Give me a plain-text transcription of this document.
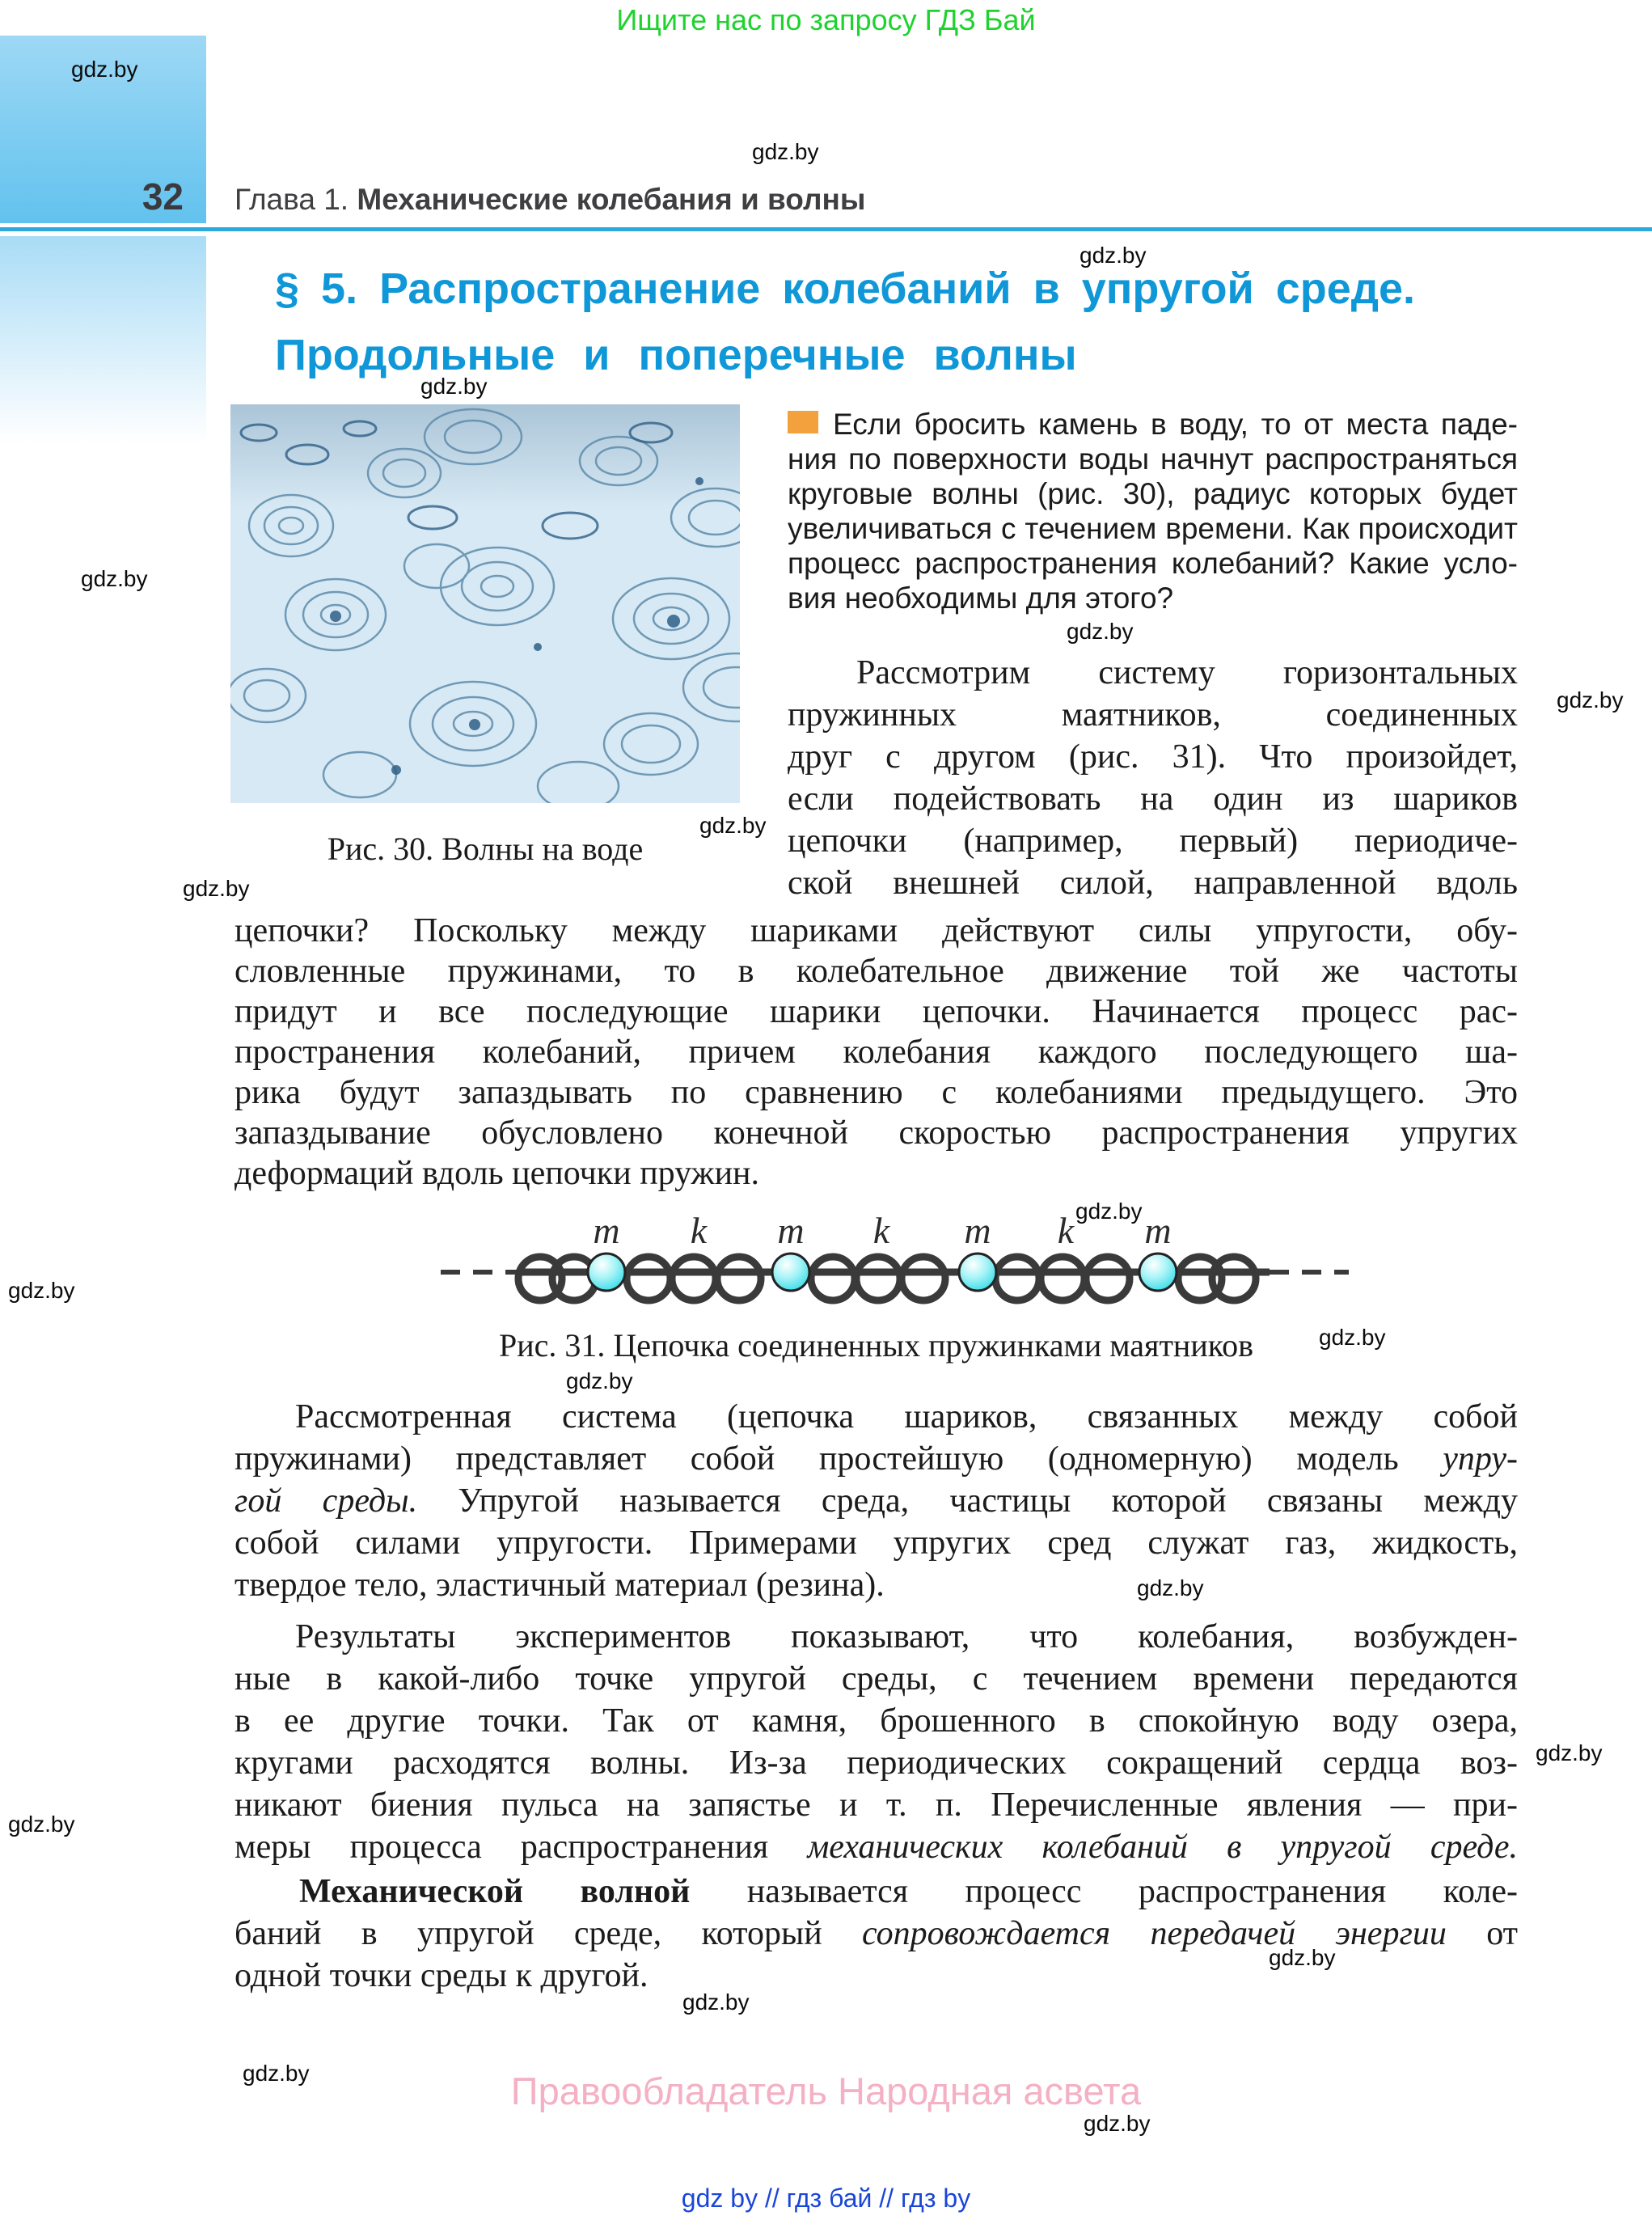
Ищите нас по запросу ГДЗ Бай
32 Глава 1. Механические колебания и волны
§ 5. Распространение колебаний в упругой среде.
Продольные и поперечные волны
Рис. 30. Волны на воде
Если бросить камень в воду, то от места паде-
ния по поверхности воды начнут распространяться
круговые волны (рис. 30), радиус которых будет
увеличиваться с течением времени. Как происходит
процесс распространения колебаний? Какие усло-
вия необходимы для этого?
Рассмотрим систему горизонтальных
пружинных маятников, соединенных
друг с другом (рис. 31). Что произойдет,
если подействовать на один из шариков
цепочки (например, первый) периодиче-
ской внешней силой, направленной вдоль
цепочки? Поскольку между шариками действуют силы упругости, обу-
словленные пружинами, то в колебательное движение той же частоты
придут и все последующие шарики цепочки. Начинается процесс рас-
пространения колебаний, причем колебания каждого последующего ша-
рика будут запаздывать по сравнению с колебаниями предыдущего. Это
запаздывание обусловлено конечной скоростью распространения упругих
деформаций вдоль цепочки пружин.
m k m k m k m
Рис. 31. Цепочка соединенных пружинками маятников
Рассмотренная система (цепочка шариков, связанных между собой
пружинами) представляет собой простейшую (одномерную) модель упру-
гой среды. Упругой называется среда, частицы которой связаны между
собой силами упругости. Примерами упругих сред служат газ, жидкость,
твердое тело, эластичный материал (резина).
Результаты экспериментов показывают, что колебания, возбужден-
ные в какой-либо точке упругой среды, с течением времени передаются
в ее другие точки. Так от камня, брошенного в спокойную воду озера,
кругами расходятся волны. Из-за периодических сокращений сердца воз-
никают биения пульса на запястье и т. п. Перечисленные явления — при-
меры процесса распространения механических колебаний в упругой среде.
Механической волной называется процесс распространения коле-
баний в упругой среде, который сопровождается передачей энергии от
одной точки среды к другой.
Правообладатель Народная асвета
gdz by // гдз бай // гдз by
gdz.by
gdz.by
gdz.by
gdz.by
gdz.by
gdz.by
gdz.by
gdz.by
gdz.by
gdz.by
gdz.by
gdz.by
gdz.by
gdz.by
gdz.by
gdz.by
gdz.by
gdz.by
gdz.by
gdz.by
